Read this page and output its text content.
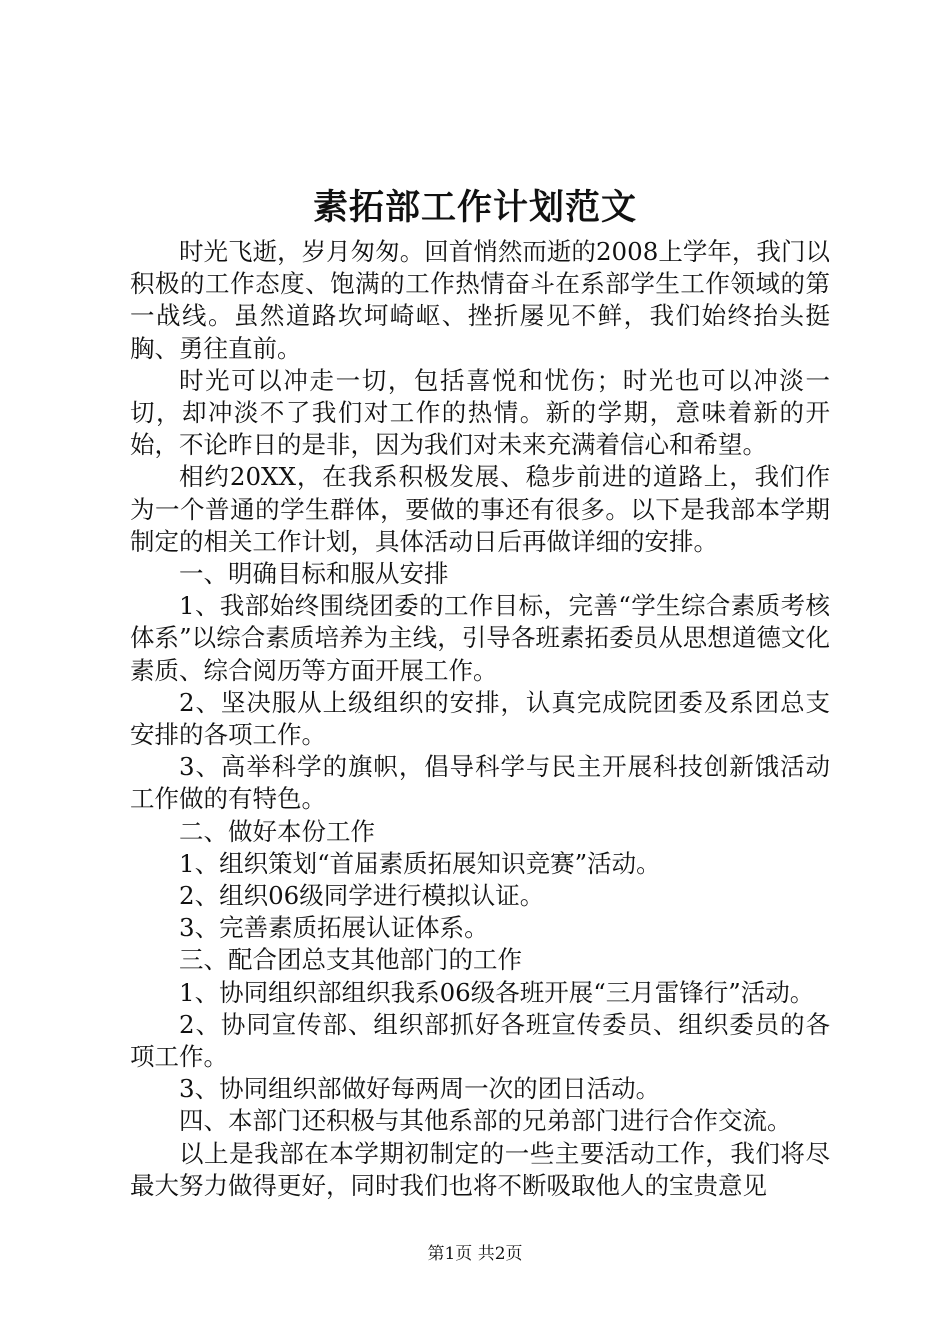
素拓部工作计划范文

时光飞逝，岁月匆匆。回首悄然而逝的2008上学年，我门以积极的工作态度、饱满的工作热情奋斗在系部学生工作领域的第一战线。虽然道路坎坷崎岖、挫折屡见不鲜，我们始终抬头挺胸、勇往直前。

时光可以冲走一切，包括喜悦和忧伤；时光也可以冲淡一切，却冲淡不了我们对工作的热情。新的学期，意味着新的开始，不论昨日的是非，因为我们对未来充满着信心和希望。

相约20XX，在我系积极发展、稳步前进的道路上，我们作为一个普通的学生群体，要做的事还有很多。以下是我部本学期制定的相关工作计划，具体活动日后再做详细的安排。

一、明确目标和服从安排

1、我部始终围绕团委的工作目标，完善“学生综合素质考核体系”以综合素质培养为主线，引导各班素拓委员从思想道德文化素质、综合阅历等方面开展工作。

2、坚决服从上级组织的安排，认真完成院团委及系团总支安排的各项工作。

3、高举科学的旗帜，倡导科学与民主开展科技创新饿活动工作做的有特色。

二、做好本份工作

1、组织策划“首届素质拓展知识竞赛”活动。

2、组织06级同学进行模拟认证。

3、完善素质拓展认证体系。

三、配合团总支其他部门的工作

1、协同组织部组织我系06级各班开展“三月雷锋行”活动。

2、协同宣传部、组织部抓好各班宣传委员、组织委员的各项工作。

3、协同组织部做好每两周一次的团日活动。

四、本部门还积极与其他系部的兄弟部门进行合作交流。

以上是我部在本学期初制定的一些主要活动工作，我们将尽最大努力做得更好，同时我们也将不断吸取他人的宝贵意见

第1页 共2页
